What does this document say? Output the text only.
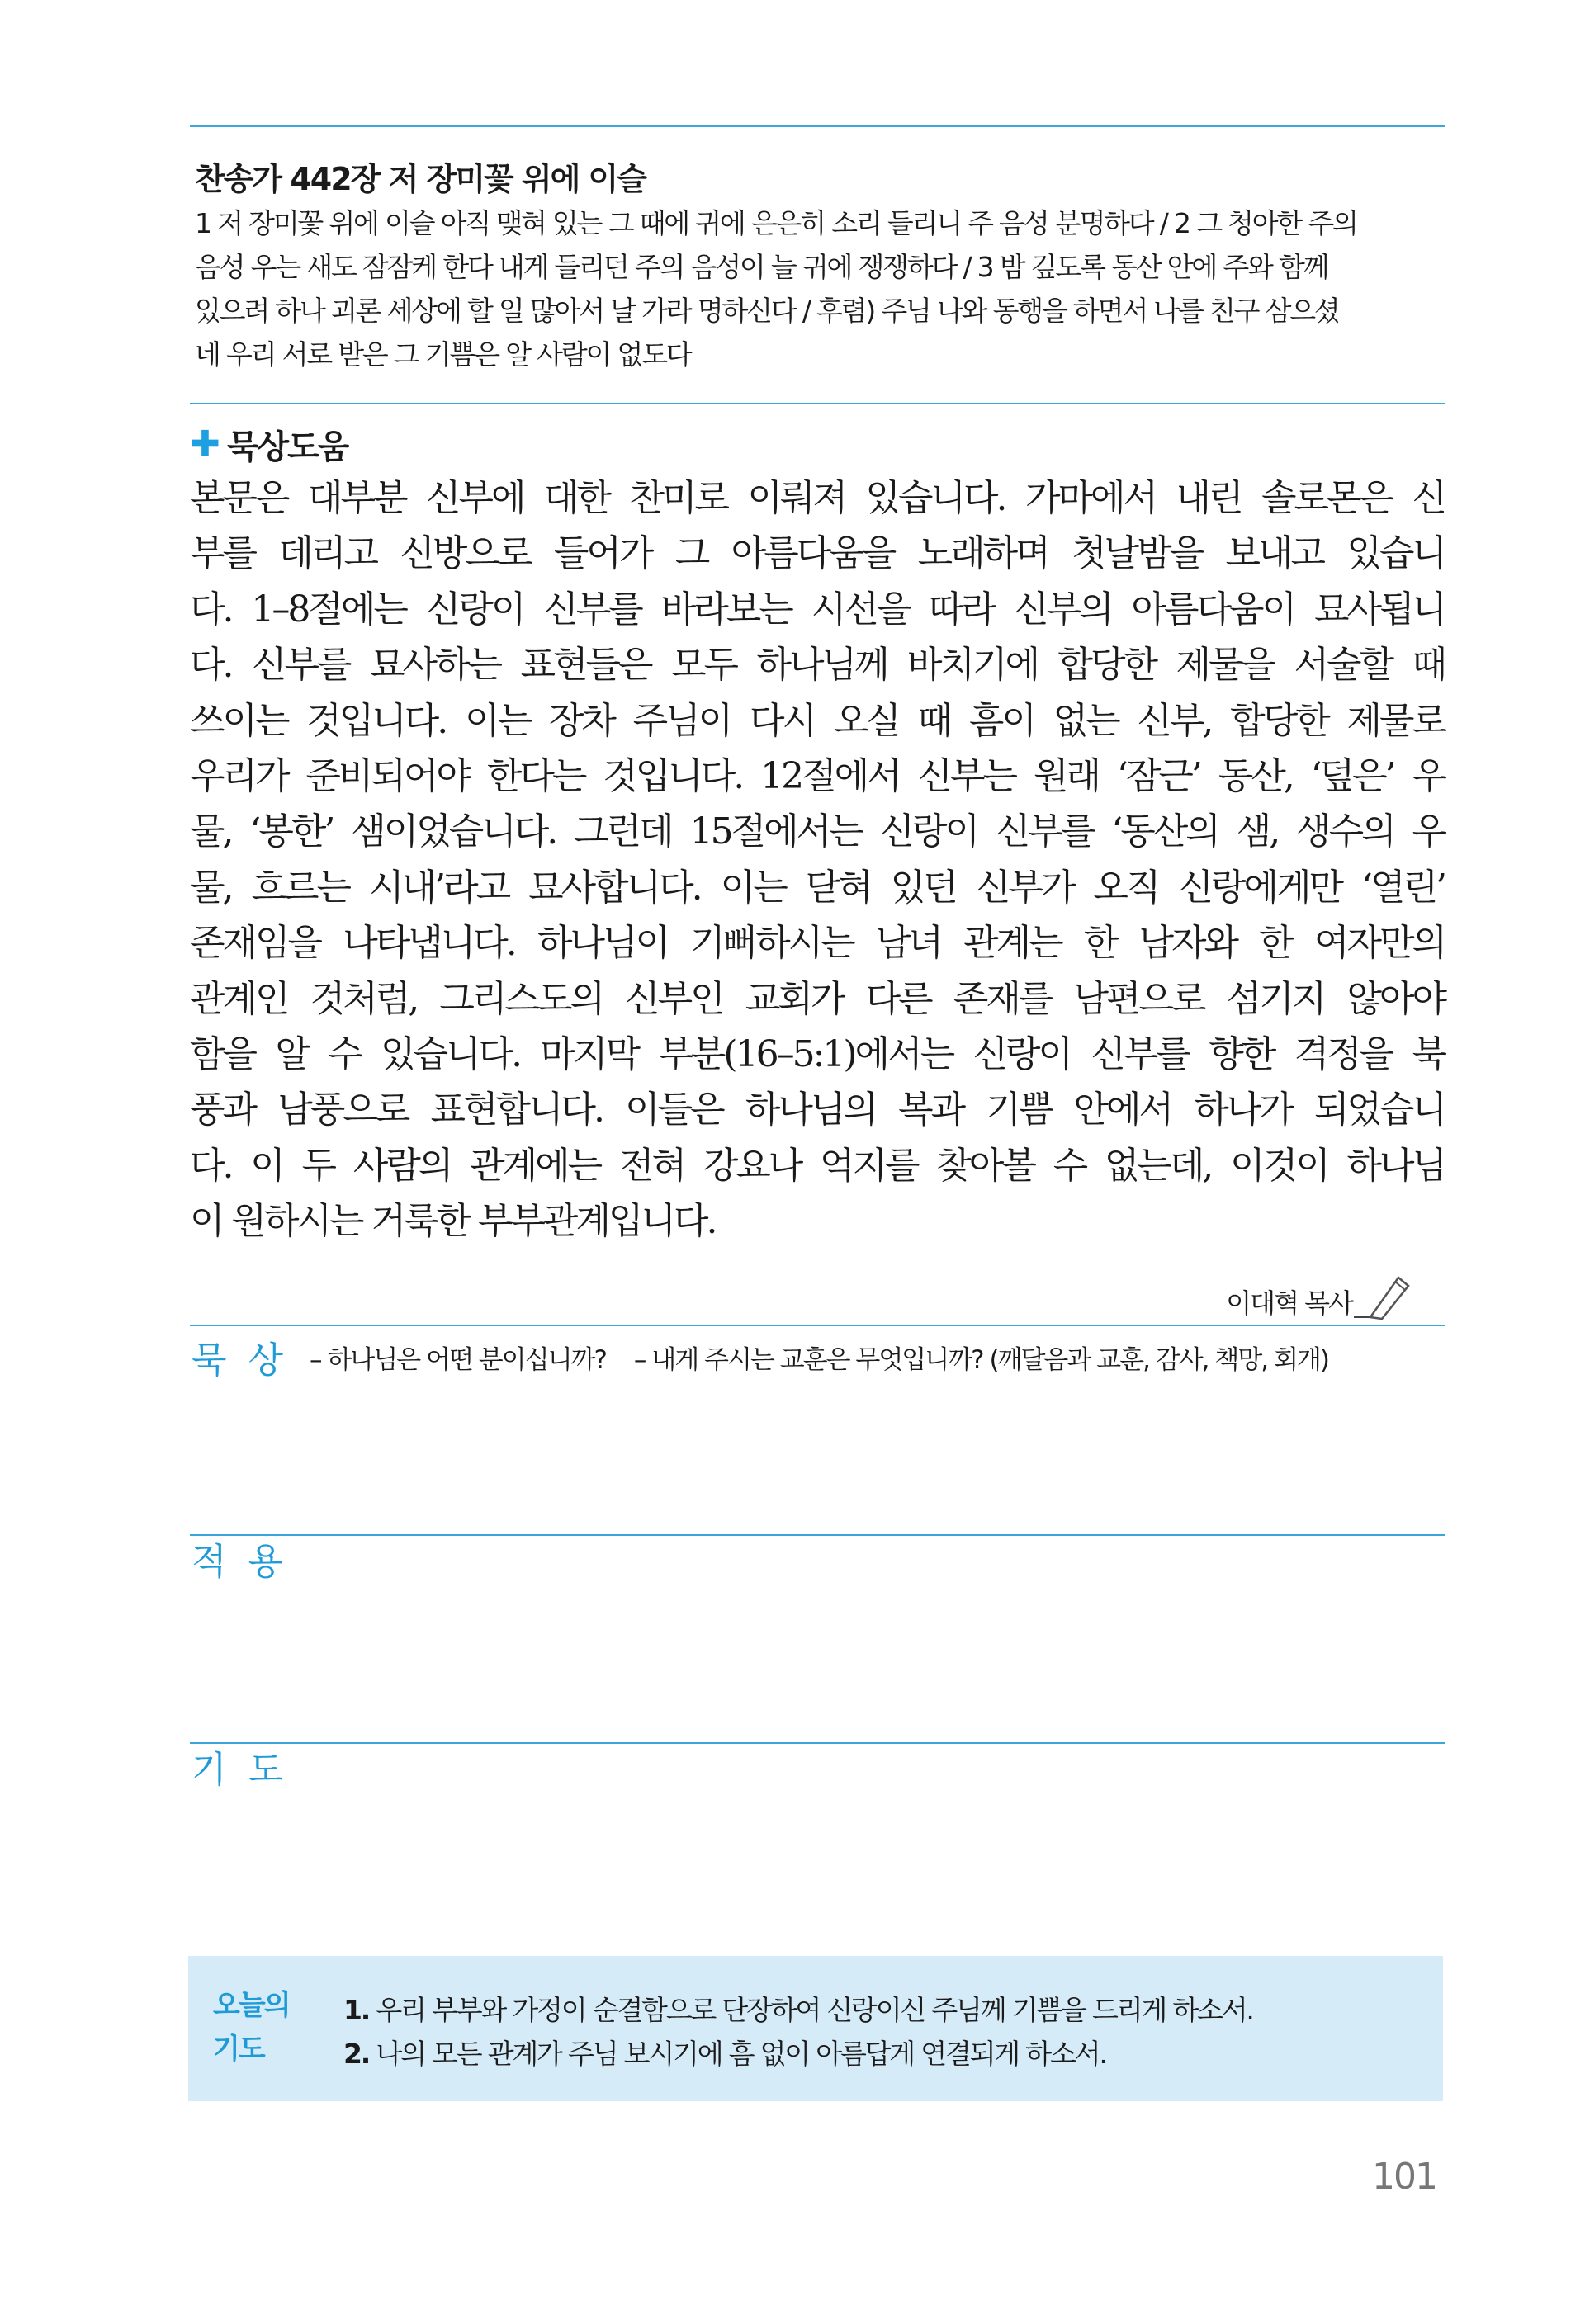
찬송가 442장 저 장미꽃 위에 이슬
1 저 장미꽃 위에 이슬 아직 맺혀 있는 그 때에 귀에 은은히 소리 들리니 주 음성 분명하다 / 2 그 청아한 주의
음성 우는 새도 잠잠케 한다 내게 들리던 주의 음성이 늘 귀에 쟁쟁하다 / 3 밤 깊도록 동산 안에 주와 함께
있으려 하나 괴론 세상에 할 일 많아서 날 가라 명하신다 / 후렴) 주님 나와 동행을 하면서 나를 친구 삼으셨
네 우리 서로 받은 그 기쁨은 알 사람이 없도다
✚ 묵상도움
본문은 대부분 신부에 대한 찬미로 이뤄져 있습니다. 가마에서 내린 솔로몬은 신
부를 데리고 신방으로 들어가 그 아름다움을 노래하며 첫날밤을 보내고 있습니
다. 1–8절에는 신랑이 신부를 바라보는 시선을 따라 신부의 아름다움이 묘사됩니
다. 신부를 묘사하는 표현들은 모두 하나님께 바치기에 합당한 제물을 서술할 때
쓰이는 것입니다. 이는 장차 주님이 다시 오실 때 흠이 없는 신부, 합당한 제물로
우리가 준비되어야 한다는 것입니다. 12절에서 신부는 원래 ‘잠근’ 동산, ‘덮은’ 우
물, ‘봉한’ 샘이었습니다. 그런데 15절에서는 신랑이 신부를 ‘동산의 샘, 생수의 우
물, 흐르는 시내’라고 묘사합니다. 이는 닫혀 있던 신부가 오직 신랑에게만 ‘열린’
존재임을 나타냅니다. 하나님이 기뻐하시는 남녀 관계는 한 남자와 한 여자만의
관계인 것처럼, 그리스도의 신부인 교회가 다른 존재를 남편으로 섬기지 않아야
함을 알 수 있습니다. 마지막 부분(16–5:1)에서는 신랑이 신부를 향한 격정을 북
풍과 남풍으로 표현합니다. 이들은 하나님의 복과 기쁨 안에서 하나가 되었습니
다. 이 두 사람의 관계에는 전혀 강요나 억지를 찾아볼 수 없는데, 이것이 하나님
이 원하시는 거룩한 부부관계입니다.
이대혁 목사
묵 상 – 하나님은 어떤 분이십니까? – 내게 주시는 교훈은 무엇입니까? (깨달음과 교훈, 감사, 책망, 회개)
적 용
기 도
오늘의
기도
1. 우리 부부와 가정이 순결함으로 단장하여 신랑이신 주님께 기쁨을 드리게 하소서.
2. 나의 모든 관계가 주님 보시기에 흠 없이 아름답게 연결되게 하소서.
101
